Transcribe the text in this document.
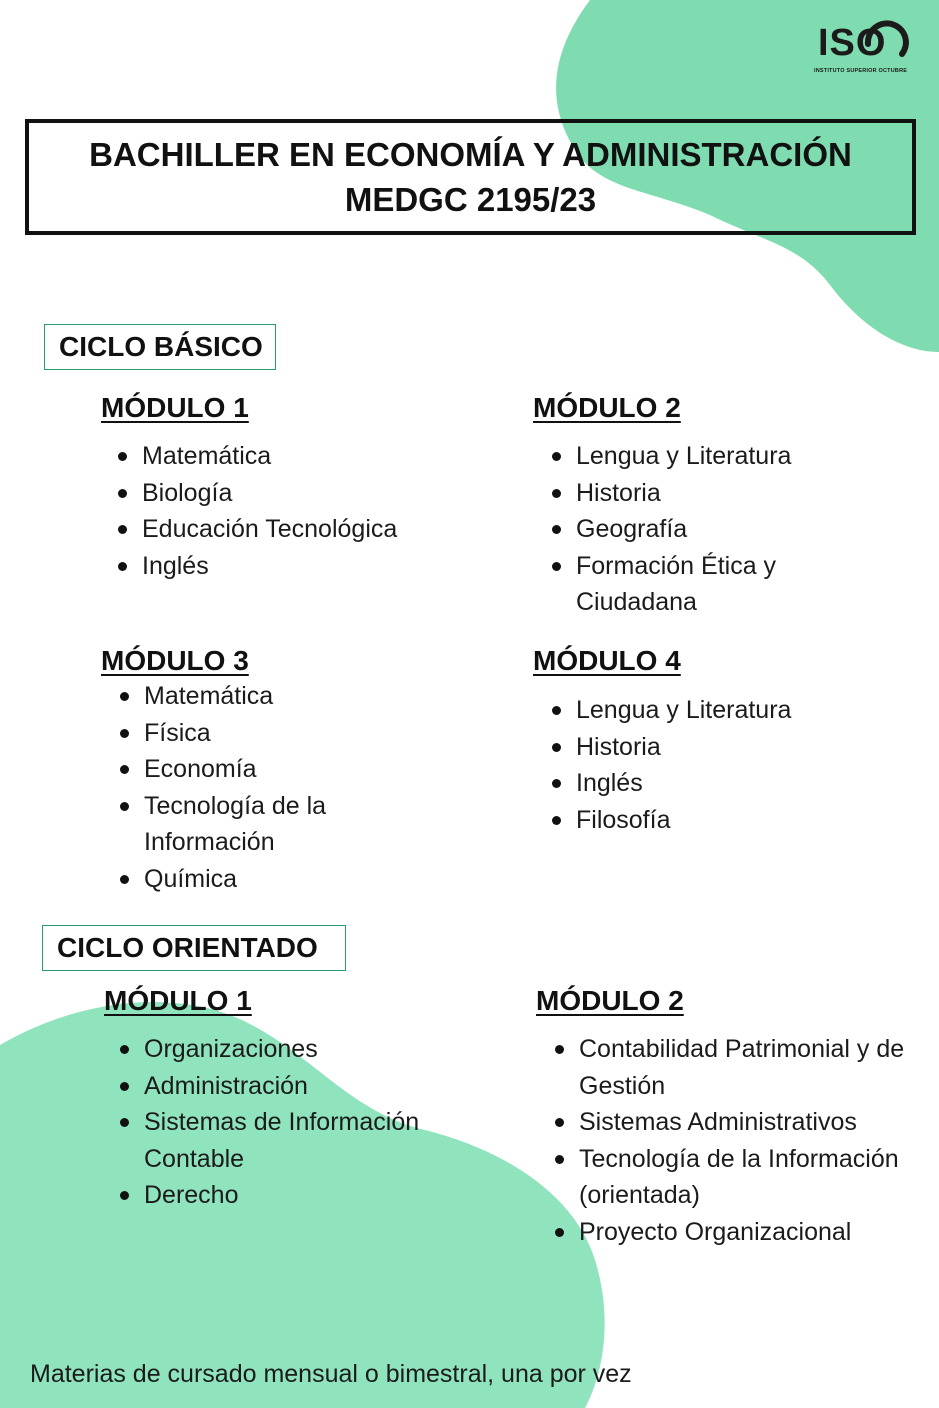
ISO
INSTITUTO SUPERIOR OCTUBRE
BACHILLER EN ECONOMÍA Y ADMINISTRACIÓN
MEDGC 2195/23
CICLO BÁSICO
MÓDULO 1
Matemática
Biología
Educación Tecnológica
Inglés
MÓDULO 2
Lengua y Literatura
Historia
Geografía
Formación Ética y Ciudadana
MÓDULO 3
Matemática
Física
Economía
Tecnología de la Información
Química
MÓDULO 4
Lengua y Literatura
Historia
Inglés
Filosofía
CICLO ORIENTADO
MÓDULO 1
Organizaciones
Administración
Sistemas de Información Contable
Derecho
MÓDULO 2
Contabilidad Patrimonial y de Gestión
Sistemas Administrativos
Tecnología de la Información (orientada)
Proyecto Organizacional
Materias de cursado mensual o bimestral, una por vez
